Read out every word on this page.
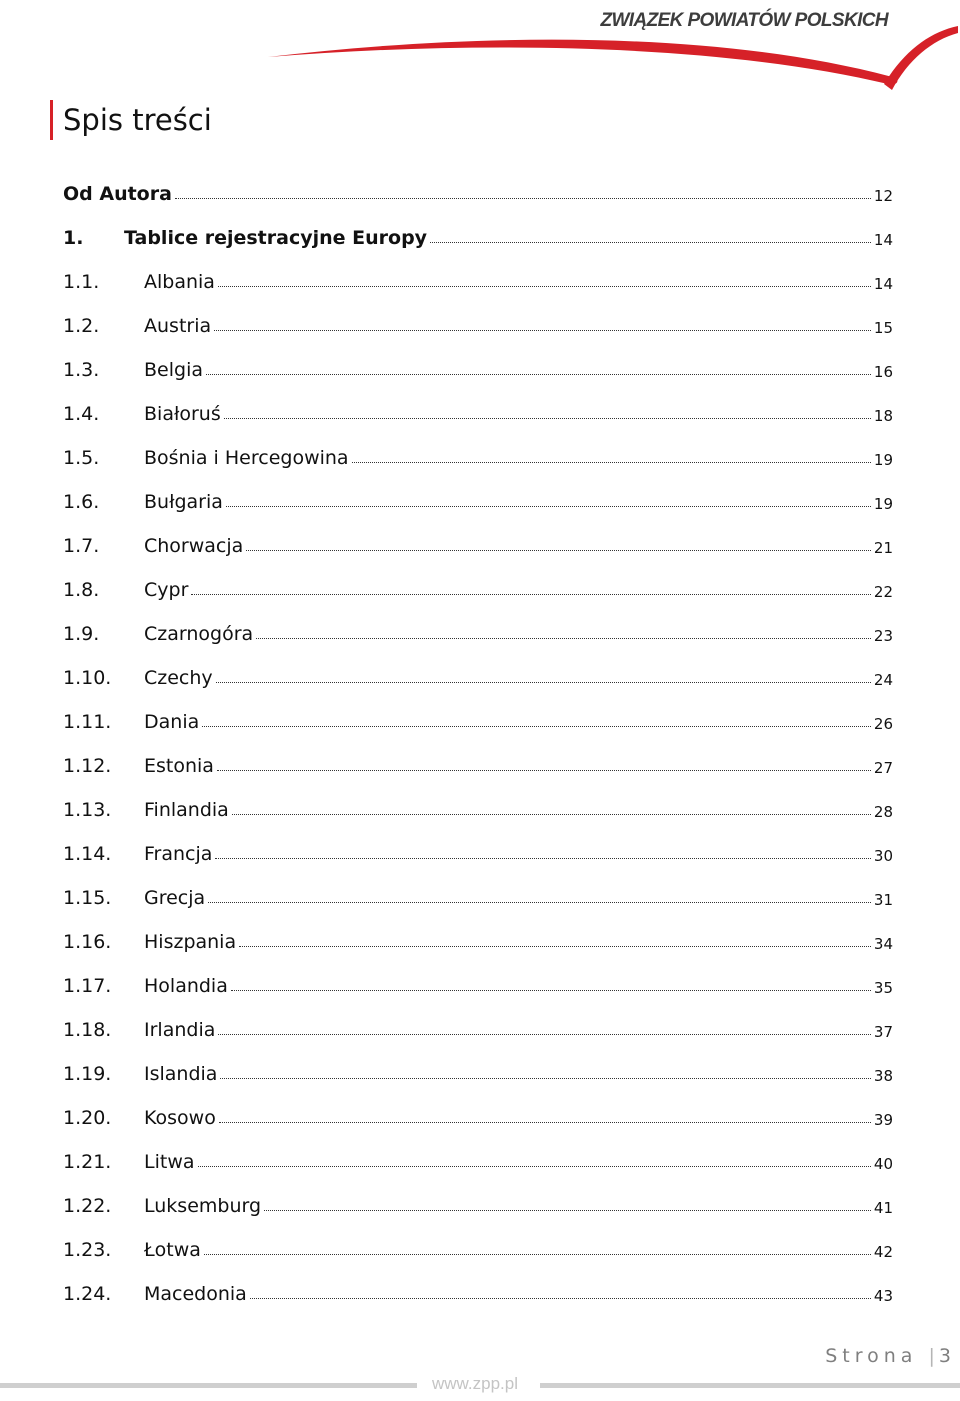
ZWIĄZEK POWIATÓW POLSKICH
Spis treści
Od Autora	12
1.	Tablice rejestracyjne Europy	14
1.1.	Albania	14
1.2.	Austria	15
1.3.	Belgia	16
1.4.	Białoruś	18
1.5.	Bośnia i Hercegowina	19
1.6.	Bułgaria	19
1.7.	Chorwacja	21
1.8.	Cypr	22
1.9.	Czarnogóra	23
1.10.	Czechy	24
1.11.	Dania	26
1.12.	Estonia	27
1.13.	Finlandia	28
1.14.	Francja	30
1.15.	Grecja	31
1.16.	Hiszpania	34
1.17.	Holandia	35
1.18.	Irlandia	37
1.19.	Islandia	38
1.20.	Kosowo	39
1.21.	Litwa	40
1.22.	Luksemburg	41
1.23.	Łotwa	42
1.24.	Macedonia	43
Strona | 3
www.zpp.pl
